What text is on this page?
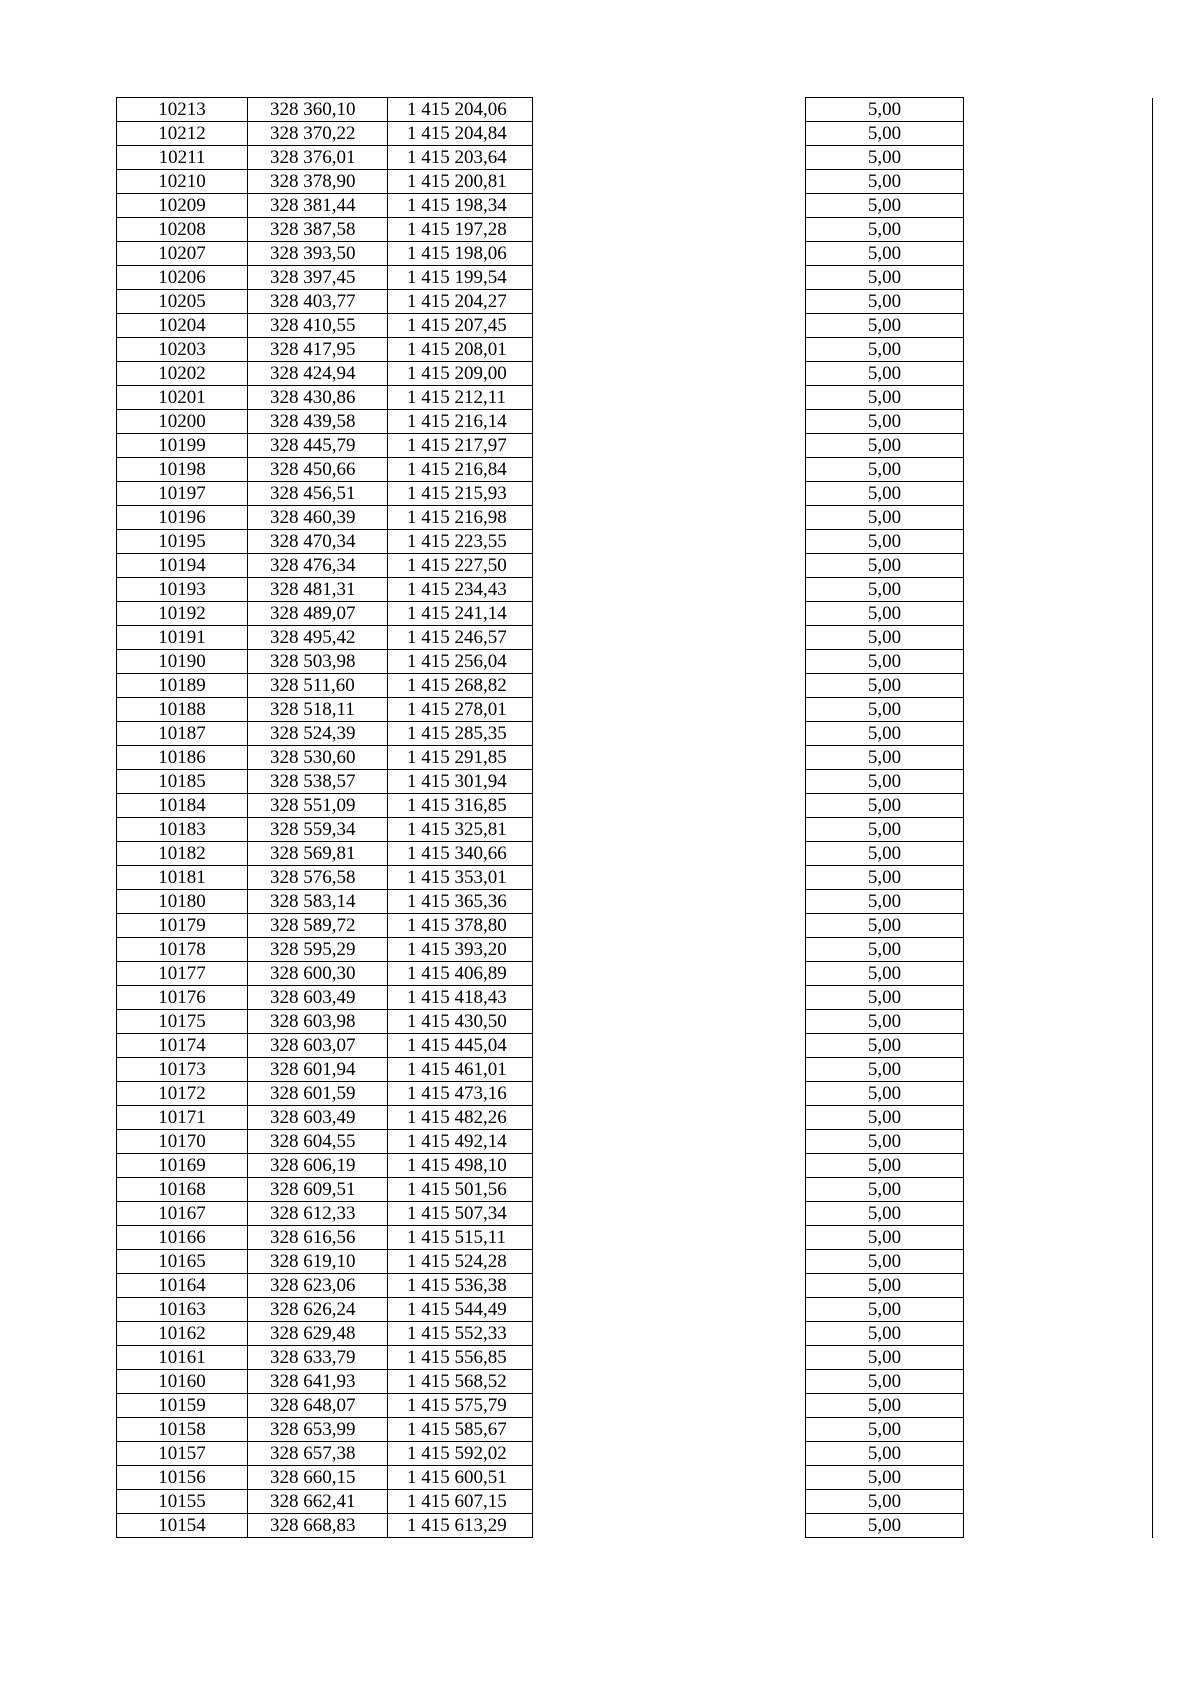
10213	328 360,10	1 415 204,06		5,00	
10212	328 370,22	1 415 204,84		5,00	
10211	328 376,01	1 415 203,64		5,00	
10210	328 378,90	1 415 200,81		5,00	
10209	328 381,44	1 415 198,34		5,00	
10208	328 387,58	1 415 197,28		5,00	
10207	328 393,50	1 415 198,06		5,00	
10206	328 397,45	1 415 199,54		5,00	
10205	328 403,77	1 415 204,27		5,00	
10204	328 410,55	1 415 207,45		5,00	
10203	328 417,95	1 415 208,01		5,00	
10202	328 424,94	1 415 209,00		5,00	
10201	328 430,86	1 415 212,11		5,00	
10200	328 439,58	1 415 216,14		5,00	
10199	328 445,79	1 415 217,97		5,00	
10198	328 450,66	1 415 216,84		5,00	
10197	328 456,51	1 415 215,93		5,00	
10196	328 460,39	1 415 216,98		5,00	
10195	328 470,34	1 415 223,55		5,00	
10194	328 476,34	1 415 227,50		5,00	
10193	328 481,31	1 415 234,43		5,00	
10192	328 489,07	1 415 241,14		5,00	
10191	328 495,42	1 415 246,57		5,00	
10190	328 503,98	1 415 256,04		5,00	
10189	328 511,60	1 415 268,82		5,00	
10188	328 518,11	1 415 278,01		5,00	
10187	328 524,39	1 415 285,35		5,00	
10186	328 530,60	1 415 291,85		5,00	
10185	328 538,57	1 415 301,94		5,00	
10184	328 551,09	1 415 316,85		5,00	
10183	328 559,34	1 415 325,81		5,00	
10182	328 569,81	1 415 340,66		5,00	
10181	328 576,58	1 415 353,01		5,00	
10180	328 583,14	1 415 365,36		5,00	
10179	328 589,72	1 415 378,80		5,00	
10178	328 595,29	1 415 393,20		5,00	
10177	328 600,30	1 415 406,89		5,00	
10176	328 603,49	1 415 418,43		5,00	
10175	328 603,98	1 415 430,50		5,00	
10174	328 603,07	1 415 445,04		5,00	
10173	328 601,94	1 415 461,01		5,00	
10172	328 601,59	1 415 473,16		5,00	
10171	328 603,49	1 415 482,26		5,00	
10170	328 604,55	1 415 492,14		5,00	
10169	328 606,19	1 415 498,10		5,00	
10168	328 609,51	1 415 501,56		5,00	
10167	328 612,33	1 415 507,34		5,00	
10166	328 616,56	1 415 515,11		5,00	
10165	328 619,10	1 415 524,28		5,00	
10164	328 623,06	1 415 536,38		5,00	
10163	328 626,24	1 415 544,49		5,00	
10162	328 629,48	1 415 552,33		5,00	
10161	328 633,79	1 415 556,85		5,00	
10160	328 641,93	1 415 568,52		5,00	
10159	328 648,07	1 415 575,79		5,00	
10158	328 653,99	1 415 585,67		5,00	
10157	328 657,38	1 415 592,02		5,00	
10156	328 660,15	1 415 600,51		5,00	
10155	328 662,41	1 415 607,15		5,00	
10154	328 668,83	1 415 613,29		5,00	
